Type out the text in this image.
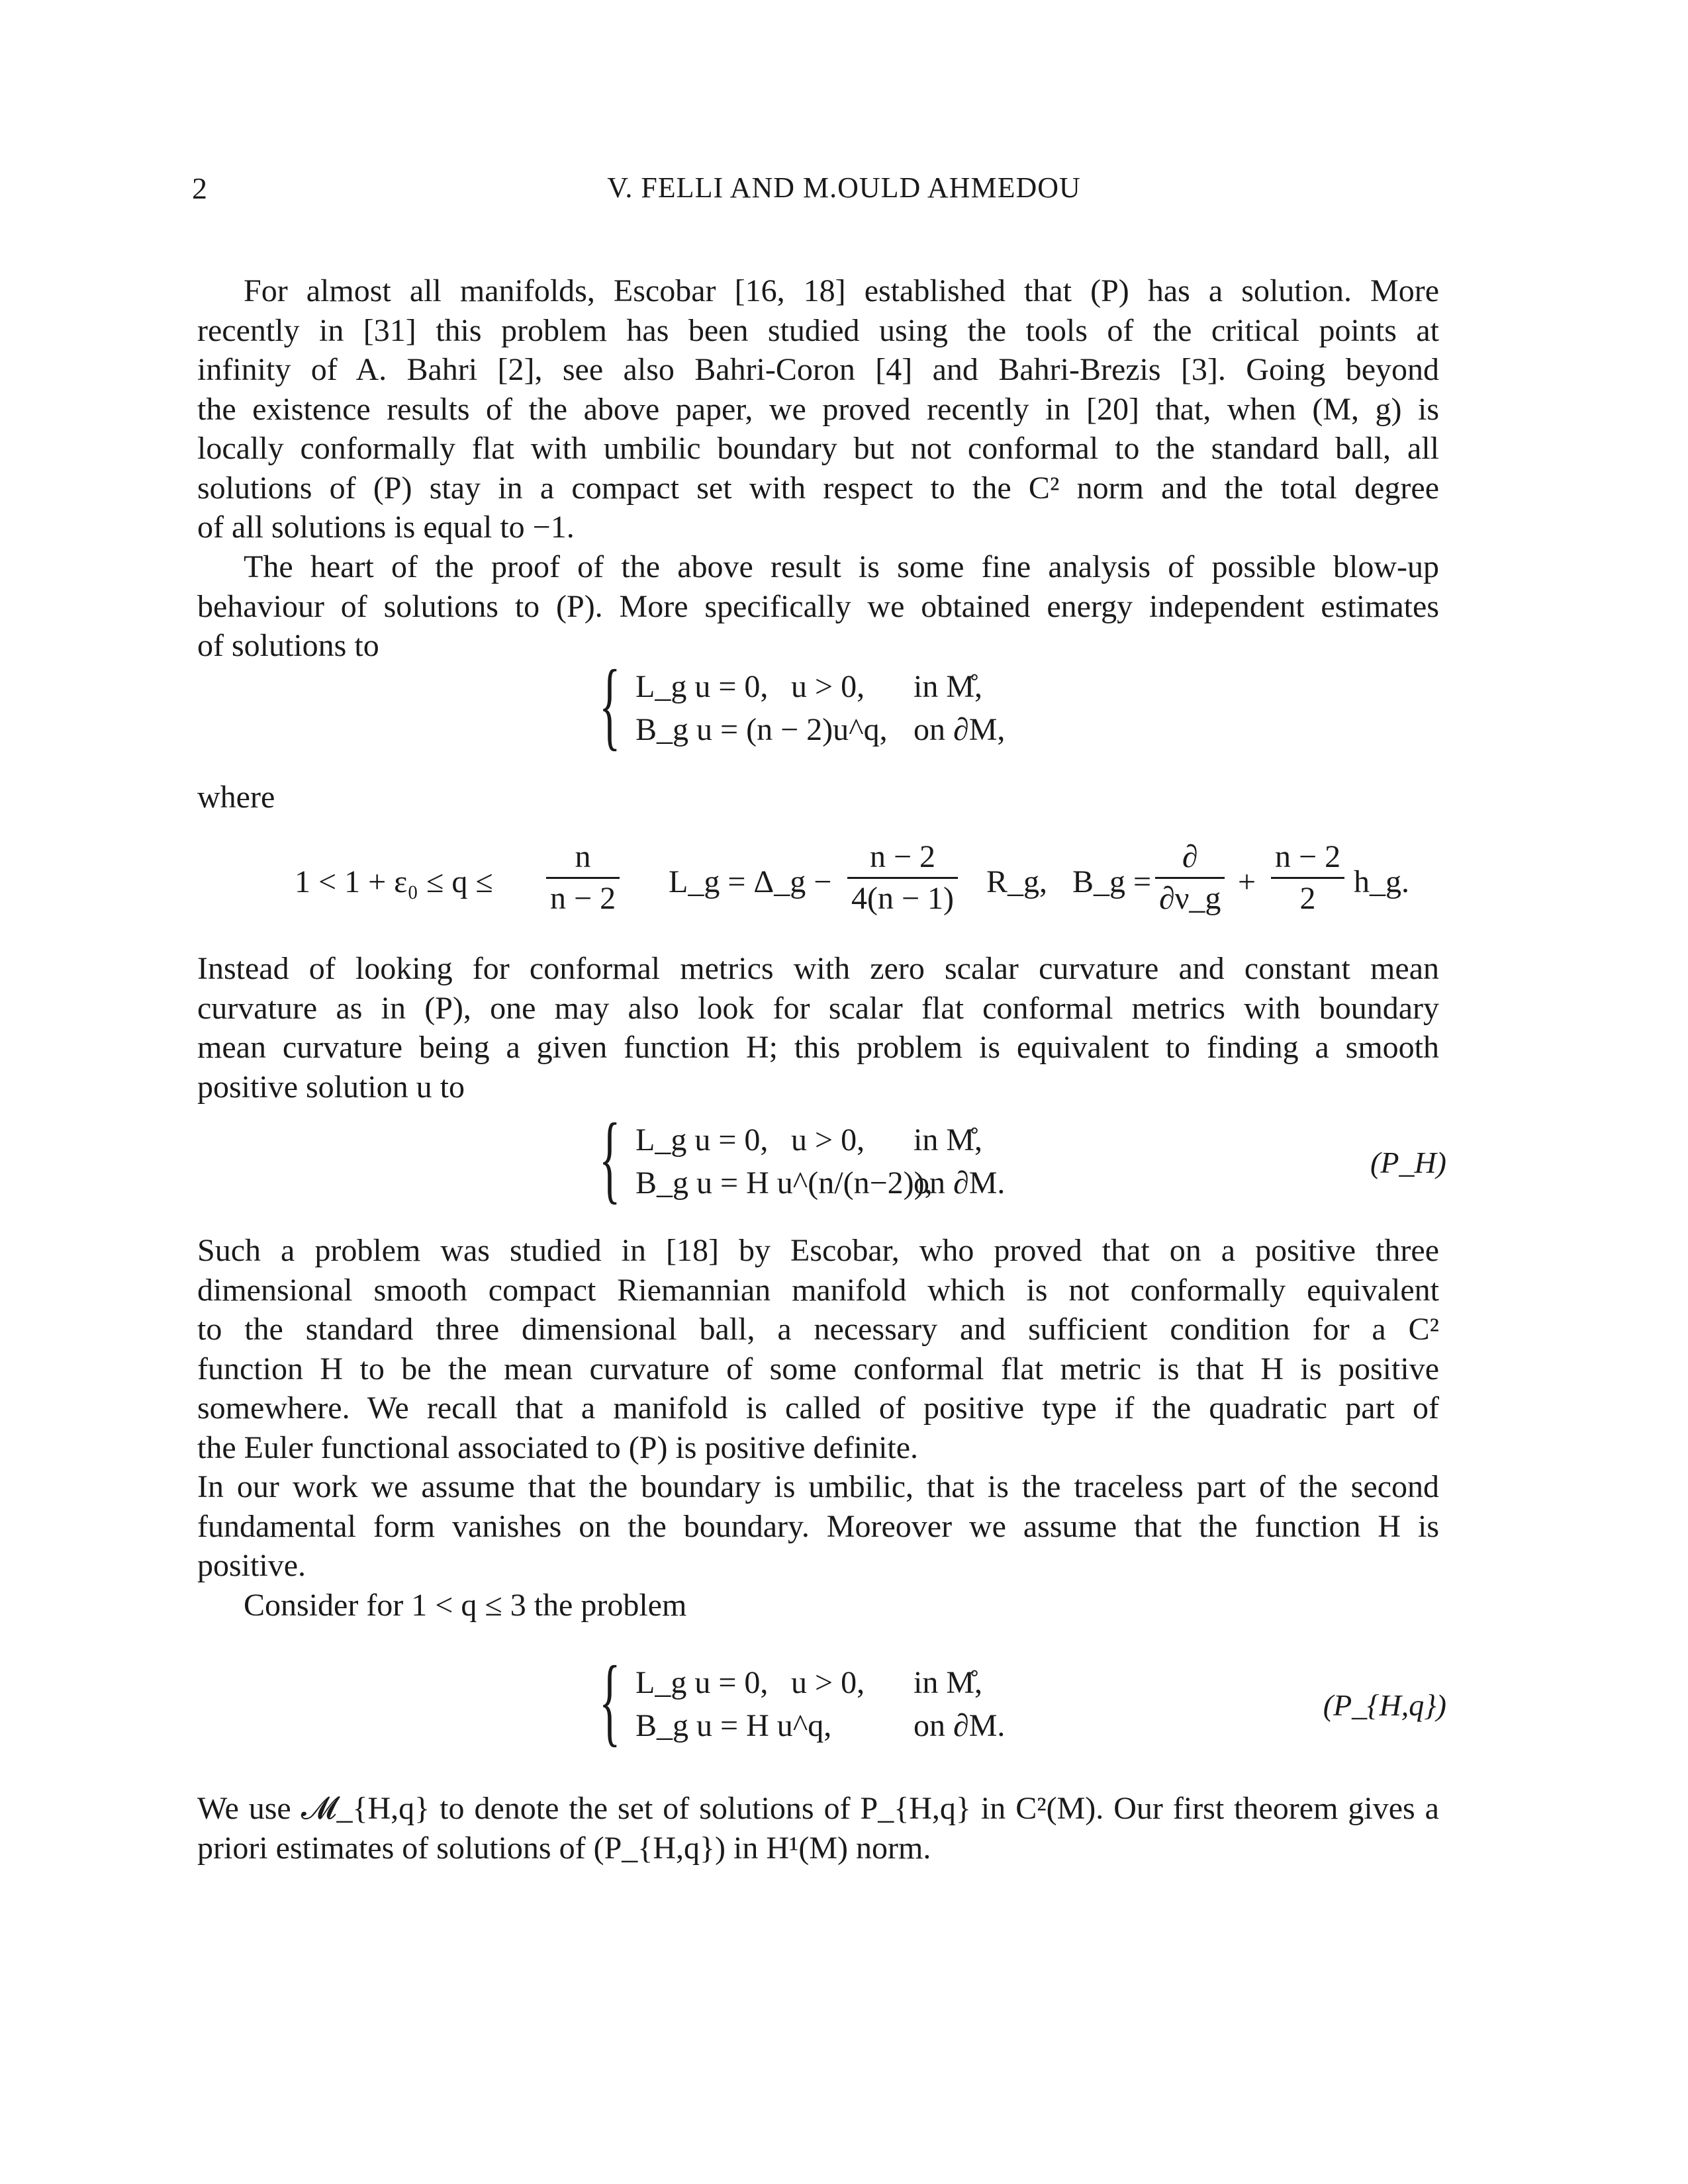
2	V. FELLI AND M.OULD AHMEDOU
For almost all manifolds, Escobar [16, 18] established that (P) has a solution. More
recently in [31] this problem has been studied using the tools of the critical points at
infinity of A. Bahri [2], see also Bahri-Coron [4] and Bahri-Brezis [3]. Going beyond
the existence results of the above paper, we proved recently in [20] that, when (M, g) is
locally conformally flat with umbilic boundary but not conformal to the standard ball, all
solutions of (P) stay in a compact set with respect to the C² norm and the total degree
of all solutions is equal to −1.
The heart of the proof of the above result is some fine analysis of possible blow-up
behaviour of solutions to (P). More specifically we obtained energy independent estimates
of solutions to
{ L_g u = 0, u > 0, in M̊,
B_g u = (n − 2)u^q, on ∂M,
where
$1 < 1 + \varepsilon_0 \le q \le \frac{n}{n - 2}$ L_g = Δ_g − $\frac{n - 2}{4(n - 1)}$ R_g, B_g =
∂
∂ν_g + $\frac{n - 2}{2}$ h_g.
Instead of looking for conformal metrics with zero scalar curvature and constant mean
curvature as in (P), one may also look for scalar flat conformal metrics with boundary
mean curvature being a given function H; this problem is equivalent to finding a smooth
positive solution u to
{ L_g u = 0, u > 0, in M̊,
B_g u = H u^(n/(n−2)),
on ∂M.
(P_H)
Such a problem was studied in [18] by Escobar, who proved that on a positive three
dimensional smooth compact Riemannian manifold which is not conformally equivalent
to the standard three dimensional ball, a necessary and sufficient condition for a C²
function H to be the mean curvature of some conformal flat metric is that H is positive
somewhere. We recall that a manifold is called of positive type if the quadratic part of
the Euler functional associated to (P) is positive definite.
In our work we assume that the boundary is umbilic, that is the traceless part of the second
fundamental form vanishes on the boundary. Moreover we assume that the function H is
positive.
Consider for 1 < q ≤ 3 the problem
{ L_g u = 0, u > 0, in M̊,
B_g u = H u^q,	on ∂M.
(P_{H,q})
We use 𝓜_{H,q} to denote the set of solutions of P_{H,q} in C²(M). Our first theorem gives a
priori estimates of solutions of (P_{H,q}) in H¹(M) norm.
